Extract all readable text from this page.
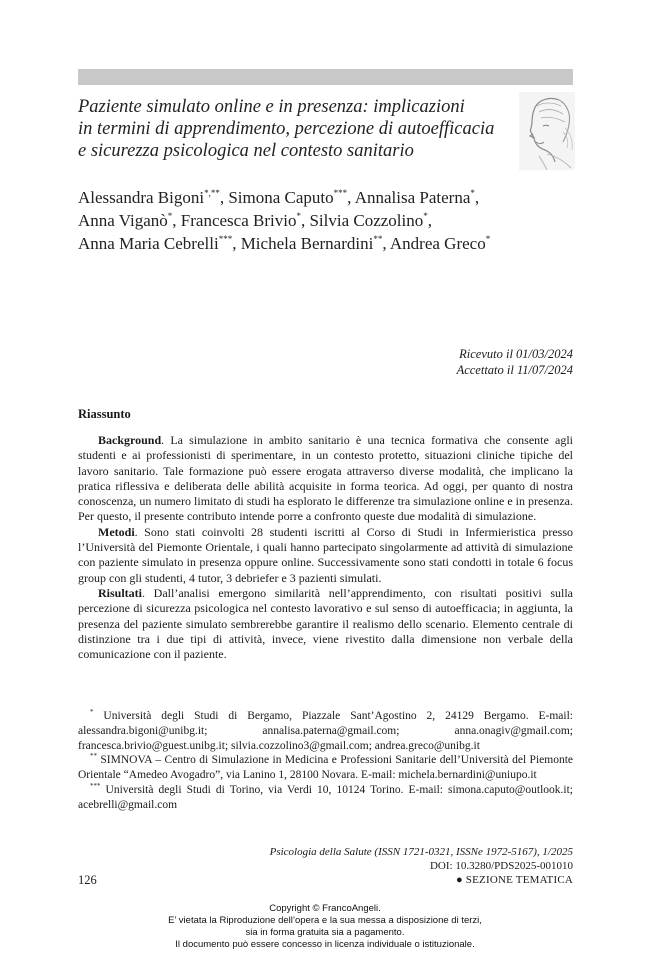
Paziente simulato online e in presenza: implicazioni
in termini di apprendimento, percezione di autoefficacia
e sicurezza psicologica nel contesto sanitario
Alessandra Bigoni*,**, Simona Caputo***, Annalisa Paterna*,
Anna Viganò*, Francesca Brivio*, Silvia Cozzolino*,
Anna Maria Cebrelli***, Michela Bernardini**, Andrea Greco*
Ricevuto il 01/03/2024
Accettato il 11/07/2024
Riassunto

Background. La simulazione in ambito sanitario è una tecnica formativa che consente agli studenti e ai professionisti di sperimentare, in un contesto protetto, situazioni cliniche tipiche del lavoro sanitario. Tale formazione può essere erogata attraverso diverse modalità, che implicano la pratica riflessiva e deliberata delle abilità acquisite in forma teorica. Ad oggi, per quanto di nostra conoscenza, un numero limitato di studi ha esplorato le differenze tra simulazione online e in presenza. Per questo, il presente contributo intende porre a confronto queste due modalità di simulazione.

Metodi. Sono stati coinvolti 28 studenti iscritti al Corso di Studi in Infermieristica presso l’Università del Piemonte Orientale, i quali hanno partecipato singolarmente ad attività di simulazione con paziente simulato in presenza oppure online. Successivamente sono stati condotti in totale 6 focus group con gli studenti, 4 tutor, 3 debriefer e 3 pazienti simulati.

Risultati. Dall’analisi emergono similarità nell’apprendimento, con risultati positivi sulla percezione di sicurezza psicologica nel contesto lavorativo e sul senso di autoefficacia; in aggiunta, la presenza del paziente simulato sembrerebbe garantire il realismo dello scenario. Elemento centrale di distinzione tra i due tipi di attività, invece, viene rivestito dalla dimensione non verbale della comunicazione con il paziente.

* Università degli Studi di Bergamo, Piazzale Sant’Agostino 2, 24129 Bergamo. E-mail: alessandra.bigoni@unibg.it; annalisa.paterna@gmail.com; anna.onagiv@gmail.com; francesca.brivio@guest.unibg.it; silvia.cozzolino3@gmail.com; andrea.greco@unibg.it

** SIMNOVA – Centro di Simulazione in Medicina e Professioni Sanitarie dell’Università del Piemonte Orientale “Amedeo Avogadro”, via Lanino 1, 28100 Novara. E-mail: michela.bernardini@uniupo.it

*** Università degli Studi di Torino, via Verdi 10, 10124 Torino. E-mail: simona.caputo@outlook.it; acebrelli@gmail.com

Psicologia della Salute (ISSN 1721-0321, ISSNe 1972-5167), 1/2025
DOI: 10.3280/PDS2025-001010
126	● SEZIONE TEMATICA
Copyright © FrancoAngeli.
E’ vietata la Riproduzione dell’opera e la sua messa a disposizione di terzi,
sia in forma gratuita sia a pagamento.
Il documento può essere concesso in licenza individuale o istituzionale.
